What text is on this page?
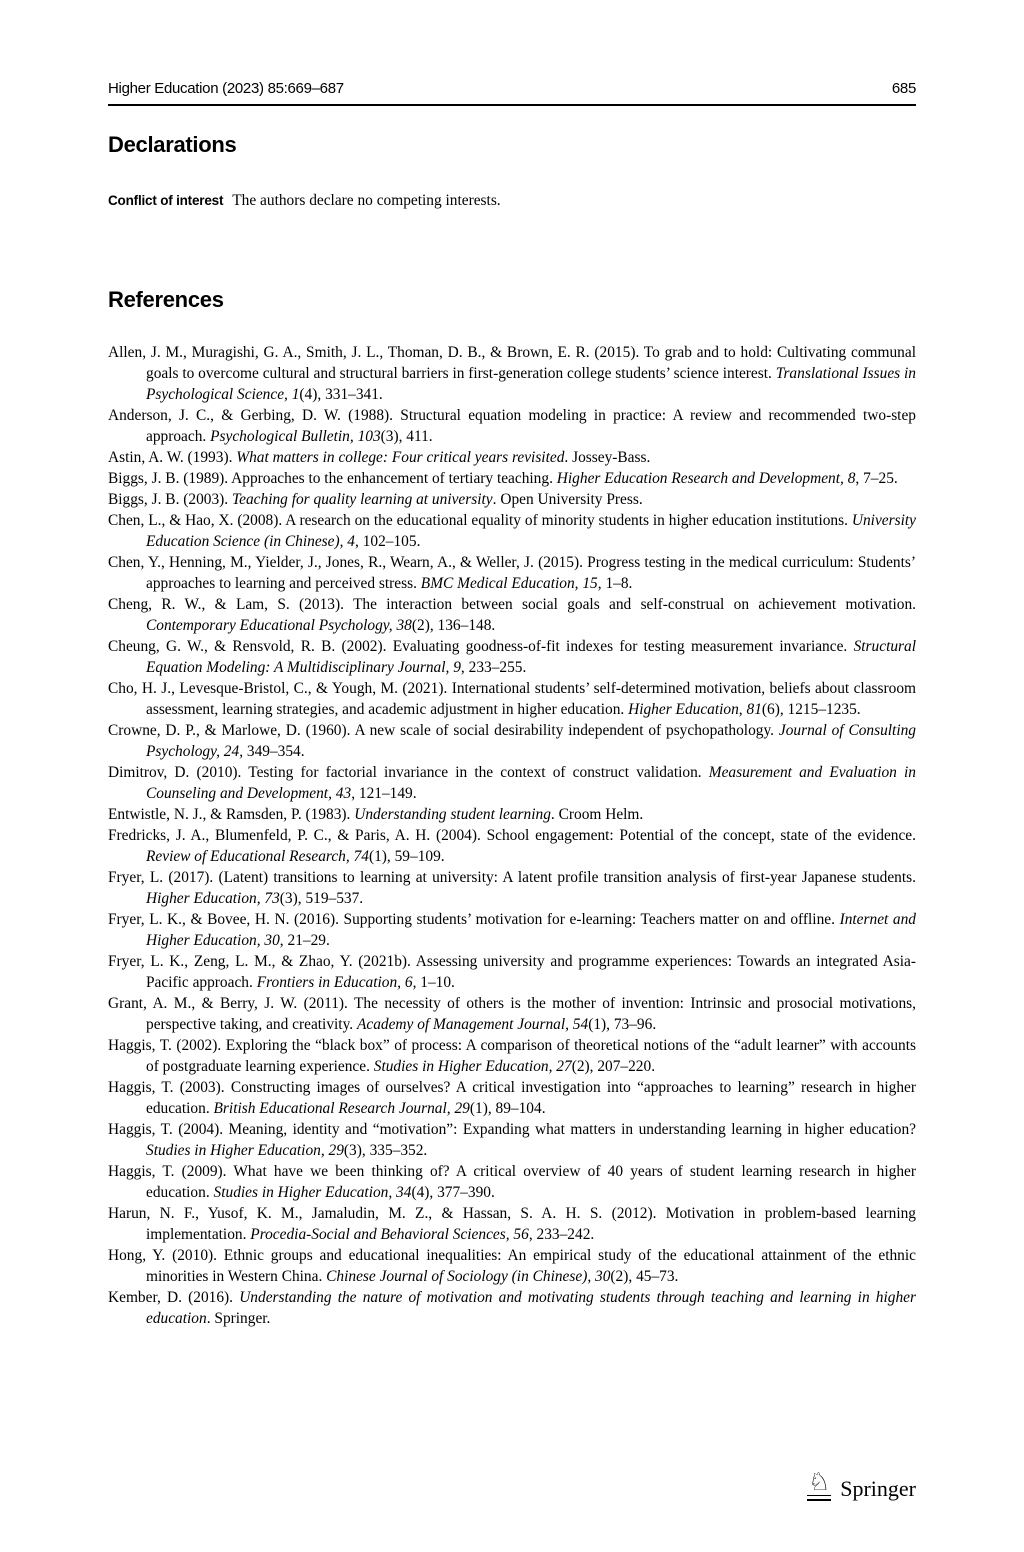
Higher Education (2023) 85:669–687	685
Declarations

Conflict of interest The authors declare no competing interests.

References

Allen, J. M., Muragishi, G. A., Smith, J. L., Thoman, D. B., & Brown, E. R. (2015). To grab and to hold: Cultivating communal goals to overcome cultural and structural barriers in first-generation college students’ science interest. Translational Issues in Psychological Science, 1(4), 331–341.

Anderson, J. C., & Gerbing, D. W. (1988). Structural equation modeling in practice: A review and recommended two-step approach. Psychological Bulletin, 103(3), 411.

Astin, A. W. (1993). What matters in college: Four critical years revisited. Jossey-Bass.

Biggs, J. B. (1989). Approaches to the enhancement of tertiary teaching. Higher Education Research and Development, 8, 7–25.

Biggs, J. B. (2003). Teaching for quality learning at university. Open University Press.

Chen, L., & Hao, X. (2008). A research on the educational equality of minority students in higher education institutions. University Education Science (in Chinese), 4, 102–105.

Chen, Y., Henning, M., Yielder, J., Jones, R., Wearn, A., & Weller, J. (2015). Progress testing in the medical curriculum: Students’ approaches to learning and perceived stress. BMC Medical Education, 15, 1–8.

Cheng, R. W., & Lam, S. (2013). The interaction between social goals and self-construal on achievement motivation. Contemporary Educational Psychology, 38(2), 136–148.

Cheung, G. W., & Rensvold, R. B. (2002). Evaluating goodness-of-fit indexes for testing measurement invariance. Structural Equation Modeling: A Multidisciplinary Journal, 9, 233–255.

Cho, H. J., Levesque-Bristol, C., & Yough, M. (2021). International students’ self-determined motivation, beliefs about classroom assessment, learning strategies, and academic adjustment in higher education. Higher Education, 81(6), 1215–1235.

Crowne, D. P., & Marlowe, D. (1960). A new scale of social desirability independent of psychopathology. Journal of Consulting Psychology, 24, 349–354.

Dimitrov, D. (2010). Testing for factorial invariance in the context of construct validation. Measurement and Evaluation in Counseling and Development, 43, 121–149.

Entwistle, N. J., & Ramsden, P. (1983). Understanding student learning. Croom Helm.

Fredricks, J. A., Blumenfeld, P. C., & Paris, A. H. (2004). School engagement: Potential of the concept, state of the evidence. Review of Educational Research, 74(1), 59–109.

Fryer, L. (2017). (Latent) transitions to learning at university: A latent profile transition analysis of first-year Japanese students. Higher Education, 73(3), 519–537.

Fryer, L. K., & Bovee, H. N. (2016). Supporting students’ motivation for e-learning: Teachers matter on and offline. Internet and Higher Education, 30, 21–29.

Fryer, L. K., Zeng, L. M., & Zhao, Y. (2021b). Assessing university and programme experiences: Towards an integrated Asia-Pacific approach. Frontiers in Education, 6, 1–10.

Grant, A. M., & Berry, J. W. (2011). The necessity of others is the mother of invention: Intrinsic and prosocial motivations, perspective taking, and creativity. Academy of Management Journal, 54(1), 73–96.

Haggis, T. (2002). Exploring the “black box” of process: A comparison of theoretical notions of the “adult learner” with accounts of postgraduate learning experience. Studies in Higher Education, 27(2), 207–220.

Haggis, T. (2003). Constructing images of ourselves? A critical investigation into “approaches to learning” research in higher education. British Educational Research Journal, 29(1), 89–104.

Haggis, T. (2004). Meaning, identity and “motivation”: Expanding what matters in understanding learning in higher education? Studies in Higher Education, 29(3), 335–352.

Haggis, T. (2009). What have we been thinking of? A critical overview of 40 years of student learning research in higher education. Studies in Higher Education, 34(4), 377–390.

Harun, N. F., Yusof, K. M., Jamaludin, M. Z., & Hassan, S. A. H. S. (2012). Motivation in problem-based learning implementation. Procedia-Social and Behavioral Sciences, 56, 233–242.

Hong, Y. (2010). Ethnic groups and educational inequalities: An empirical study of the educational attainment of the ethnic minorities in Western China. Chinese Journal of Sociology (in Chinese), 30(2), 45–73.

Kember, D. (2016). Understanding the nature of motivation and motivating students through teaching and learning in higher education. Springer.

♘ Springer
